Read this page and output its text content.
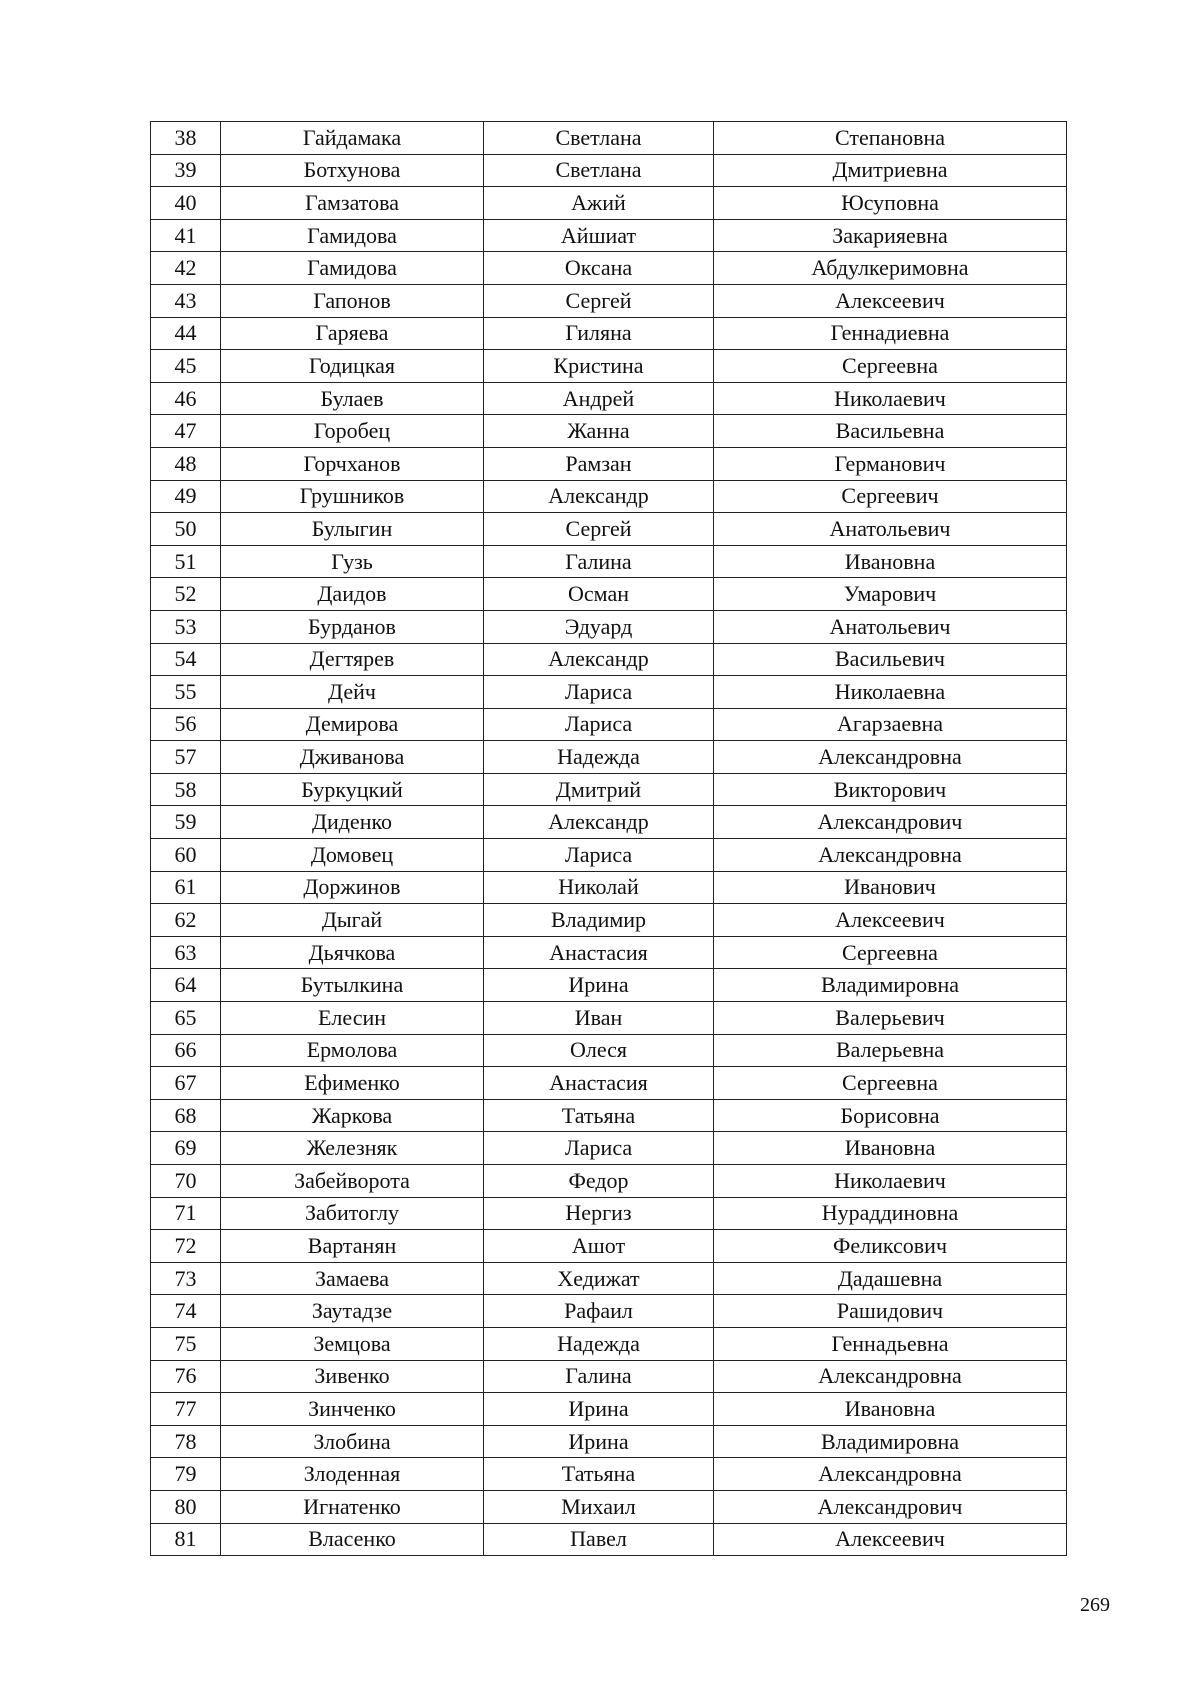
38	Гайдамака	Светлана	Степановна
39	Ботхунова	Светлана	Дмитриевна
40	Гамзатова	Ажий	Юсуповна
41	Гамидова	Айшиат	Закарияевна
42	Гамидова	Оксана	Абдулкеримовна
43	Гапонов	Сергей	Алексеевич
44	Гаряева	Гиляна	Геннадиевна
45	Годицкая	Кристина	Сергеевна
46	Булаев	Андрей	Николаевич
47	Горобец	Жанна	Васильевна
48	Горчханов	Рамзан	Германович
49	Грушников	Александр	Сергеевич
50	Булыгин	Сергей	Анатольевич
51	Гузь	Галина	Ивановна
52	Даидов	Осман	Умарович
53	Бурданов	Эдуард	Анатольевич
54	Дегтярев	Александр	Васильевич
55	Дейч	Лариса	Николаевна
56	Демирова	Лариса	Агарзаевна
57	Дживанова	Надежда	Александровна
58	Буркуцкий	Дмитрий	Викторович
59	Диденко	Александр	Александрович
60	Домовец	Лариса	Александровна
61	Доржинов	Николай	Иванович
62	Дыгай	Владимир	Алексеевич
63	Дьячкова	Анастасия	Сергеевна
64	Бутылкина	Ирина	Владимировна
65	Елесин	Иван	Валерьевич
66	Ермолова	Олеся	Валерьевна
67	Ефименко	Анастасия	Сергеевна
68	Жаркова	Татьяна	Борисовна
69	Железняк	Лариса	Ивановна
70	Забейворота	Федор	Николаевич
71	Забитоглу	Нергиз	Нураддиновна
72	Вартанян	Ашот	Феликсович
73	Замаева	Хедижат	Дадашевна
74	Заутадзе	Рафаил	Рашидович
75	Земцова	Надежда	Геннадьевна
76	Зивенко	Галина	Александровна
77	Зинченко	Ирина	Ивановна
78	Злобина	Ирина	Владимировна
79	Злоденная	Татьяна	Александровна
80	Игнатенко	Михаил	Александрович
81	Власенко	Павел	Алексеевич
269
